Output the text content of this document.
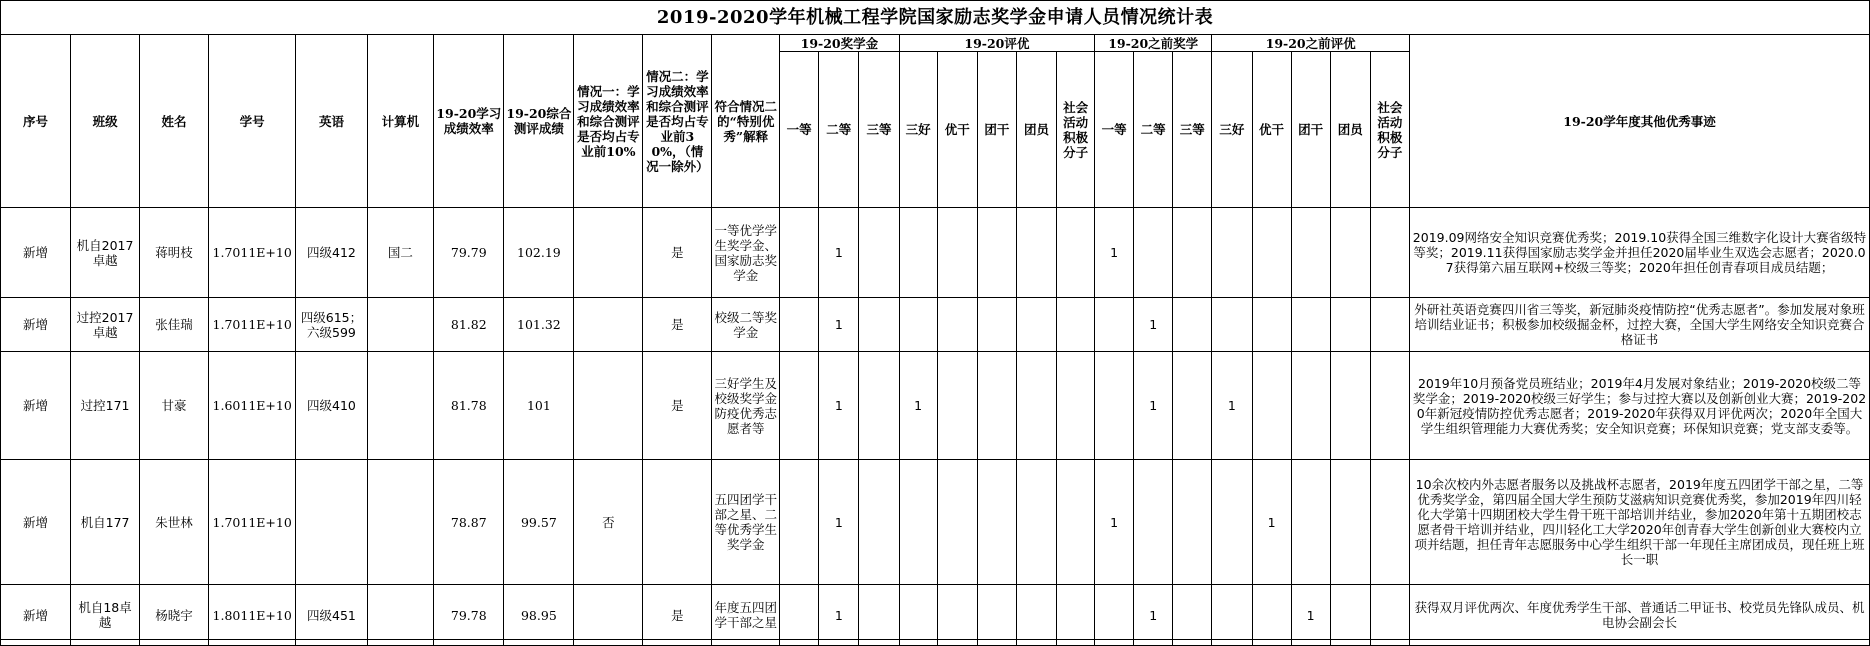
2019-2020学年机械工程学院国家励志奖学金申请人员情况统计表
序号	班级	姓名	学号	英语	计算机	19-20学习成绩效率	19-20综合测评成绩	情况一：学习成绩效率和综合测评是否均占专业前10%	情况二：学习成绩效率和综合测评是否均占专业前30%，（情况一除外）	符合情况二的“特别优秀”解释	19-20奖学金			19-20评优					19-20之前奖学			19-20之前评优					19-20学年度其他优秀事迹
											一等	二等	三等	三好	优干	团干	团员	社会活动积极分子	一等	二等	三等	三好	优干	团干	团员	社会活动积极分子	
新增	机自2017卓越	蒋明枝	1.7011E+10	四级412	国二	79.79	102.19		是	一等优学学生奖学金、国家励志奖学金		1							1								2019.09网络安全知识竞赛优秀奖；2019.10获得全国三维数字化设计大赛省级特等奖；2019.11获得国家励志奖学金并担任2020届毕业生双选会志愿者；2020.07获得第六届互联网+校级三等奖；2020年担任创青春项目成员结题；
新增	过控2017卓越	张佳瑞	1.7011E+10	四级615；六级599		81.82	101.32		是	校级二等奖学金		1								1							外研社英语竞赛四川省三等奖，新冠肺炎疫情防控“优秀志愿者”。参加发展对象班培训结业证书；积极参加校级掘金杯，过控大赛，全国大学生网络安全知识竞赛合格证书
新增	过控171	甘豪	1.6011E+10	四级410		81.78	101		是	三好学生及校级奖学金防疫优秀志愿者等		1		1						1		1					2019年10月预备党员班结业；2019年4月发展对象结业；2019-2020校级二等奖学金；2019-2020校级三好学生；参与过控大赛以及创新创业大赛；2019-2020年新冠疫情防控优秀志愿者；2019-2020年获得双月评优两次；2020年全国大学生组织管理能力大赛优秀奖；安全知识竞赛；环保知识竞赛；党支部支委等。
新增	机自177	朱世林	1.7011E+10			78.87	99.57	否		五四团学干部之星、二等优秀学生奖学金		1							1				1				10余次校内外志愿者服务以及挑战杯志愿者，2019年度五四团学干部之星，二等优秀奖学金，第四届全国大学生预防艾滋病知识竞赛优秀奖，参加2019年四川轻化大学第十四期团校大学生骨干班干部培训并结业，参加2020年第十五期团校志愿者骨干培训并结业，四川轻化工大学2020年创青春大学生创新创业大赛校内立项并结题，担任青年志愿服务中心学生组织干部一年现任主席团成员，现任班上班长一职
新增	机自18卓越	杨晓宇	1.8011E+10	四级451		79.78	98.95		是	年度五四团学干部之星		1								1				1			获得双月评优两次、年度优秀学生干部、普通话二甲证书、校党员先锋队成员、机电协会副会长
